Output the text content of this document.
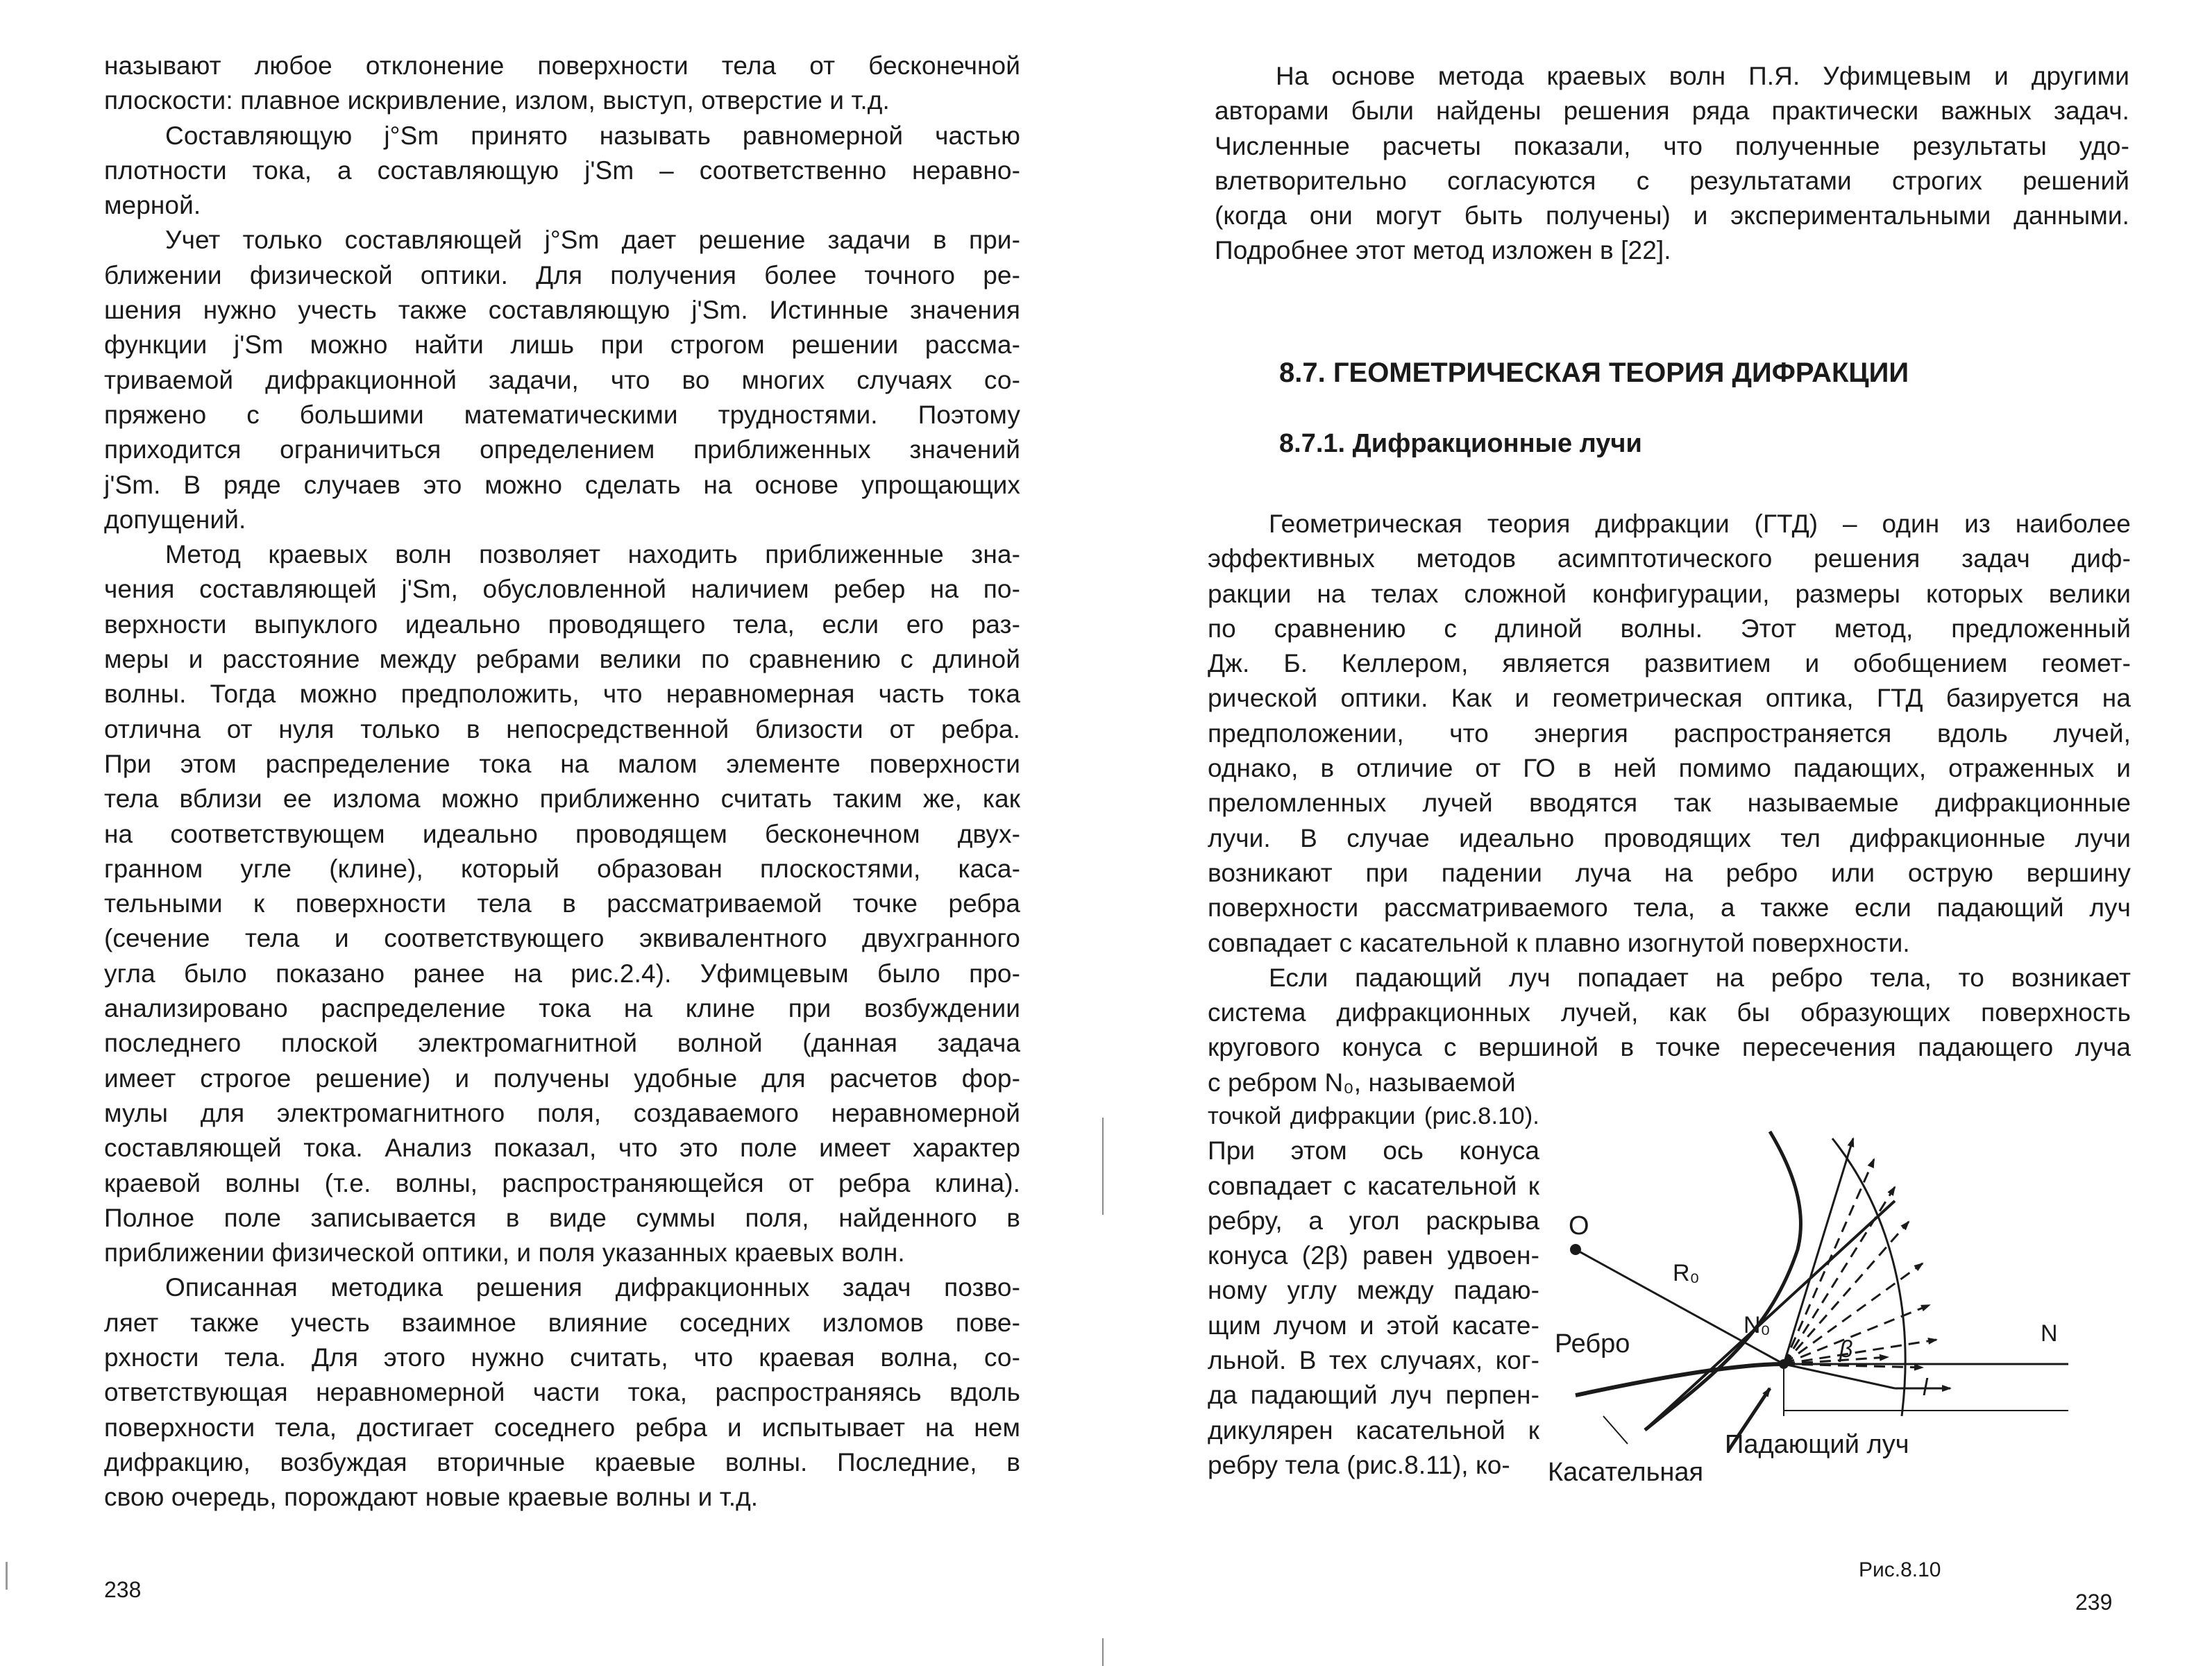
называют любое отклонение поверхности тела от бесконечной
плоскости: плавное искривление, излом, выступ, отверстие и т.д.
Составляющую j°Sm принято называть равномерной частью
плотности тока, а составляющую j'Sm – соответственно неравно-
мерной.
Учет только составляющей j°Sm дает решение задачи в при-
ближении физической оптики. Для получения более точного ре-
шения нужно учесть также составляющую j'Sm. Истинные значения
функции j'Sm можно найти лишь при строгом решении рассма-
триваемой дифракционной задачи, что во многих случаях со-
пряжено с большими математическими трудностями. Поэтому
приходится ограничиться определением приближенных значений
j'Sm. В ряде случаев это можно сделать на основе упрощающих
допущений.
Метод краевых волн позволяет находить приближенные зна-
чения составляющей j'Sm, обусловленной наличием ребер на по-
верхности выпуклого идеально проводящего тела, если его раз-
меры и расстояние между ребрами велики по сравнению с длиной
волны. Тогда можно предположить, что неравномерная часть тока
отлична от нуля только в непосредственной близости от ребра.
При этом распределение тока на малом элементе поверхности
тела вблизи ее излома можно приближенно считать таким же, как
на соответствующем идеально проводящем бесконечном двух-
гранном угле (клине), который образован плоскостями, каса-
тельными к поверхности тела в рассматриваемой точке ребра
(сечение тела и соответствующего эквивалентного двухгранного
угла было показано ранее на рис.2.4). Уфимцевым было про-
анализировано распределение тока на клине при возбуждении
последнего плоской электромагнитной волной (данная задача
имеет строгое решение) и получены удобные для расчетов фор-
мулы для электромагнитного поля, создаваемого неравномерной
составляющей тока. Анализ показал, что это поле имеет характер
краевой волны (т.е. волны, распространяющейся от ребра клина).
Полное поле записывается в виде суммы поля, найденного в
приближении физической оптики, и поля указанных краевых волн.
Описанная методика решения дифракционных задач позво-
ляет также учесть взаимное влияние соседних изломов пове-
рхности тела. Для этого нужно считать, что краевая волна, со-
ответствующая неравномерной части тока, распространяясь вдоль
поверхности тела, достигает соседнего ребра и испытывает на нем
дифракцию, возбуждая вторичные краевые волны. Последние, в
свою очередь, порождают новые краевые волны и т.д.
238
На основе метода краевых волн П.Я. Уфимцевым и другими
авторами были найдены решения ряда практически важных задач.
Численные расчеты показали, что полученные результаты удо-
влетворительно согласуются с результатами строгих решений
(когда они могут быть получены) и экспериментальными данными.
Подробнее этот метод изложен в [22].
8.7. ГЕОМЕТРИЧЕСКАЯ ТЕОРИЯ ДИФРАКЦИИ
8.7.1. Дифракционные лучи
Геометрическая теория дифракции (ГТД) – один из наиболее
эффективных методов асимптотического решения задач диф-
ракции на телах сложной конфигурации, размеры которых велики
по сравнению с длиной волны. Этот метод, предложенный
Дж. Б. Келлером, является развитием и обобщением геомет-
рической оптики. Как и геометрическая оптика, ГТД базируется на
предположении, что энергия распространяется вдоль лучей,
однако, в отличие от ГО в ней помимо падающих, отраженных и
преломленных лучей вводятся так называемые дифракционные
лучи. В случае идеально проводящих тел дифракционные лучи
возникают при падении луча на ребро или острую вершину
поверхности рассматриваемого тела, а также если падающий луч
совпадает с касательной к плавно изогнутой поверхности.
Если падающий луч попадает на ребро тела, то возникает
система дифракционных лучей, как бы образующих поверхность
кругового конуса с вершиной в точке пересечения падающего луча
с ребром N₀, называемой
точкой дифракции (рис.8.10).
При этом ось конуса
совпадает с касательной к
ребру, а угол раскрыва
конуса (2β) равен удвоен-
ному углу между падаю-
щим лучом и этой касате-
льной. В тех случаях, ког-
да падающий луч перпен-
дикулярен касательной к
ребру тела (рис.8.11), ко-
O
R₀
N₀	N
Ребро	β
l
Падающий луч
Касательная
Рис.8.10
239
